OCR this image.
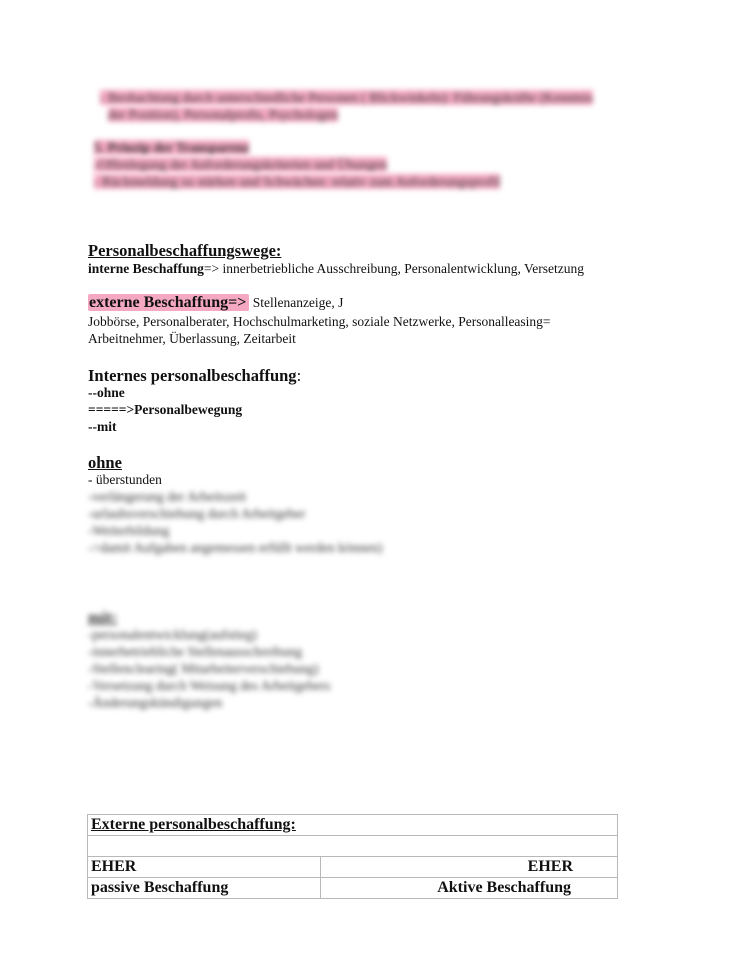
- Beobachtung durch unterschiedliche Personen ( Blickwinkeln): Führungskräfte (Kenntnis
der Position), Personalprofis, Psychologen
5. Prinzip der Transparenz
-Offenlegung der Anforderungskriterien und Übungen
- Rückmeldung zu stärken und Schwächen: relativ zum Anforderungsprofil
Personalbeschaffungswege:
interne Beschaffung=> innerbetriebliche Ausschreibung, Personalentwicklung, Versetzung
externe Beschaffung=> Stellenanzeige, J
Jobbörse, Personalberater, Hochschulmarketing, soziale Netzwerke, Personalleasing=
Arbeitnehmer, Überlassung, Zeitarbeit
Internes personalbeschaffung:
--ohne
=====>Personalbewegung
--mit
ohne
- überstunden
-verlängerung der Arbeitszeit
-urlaubsverschiebung durch Arbeitgeber
-Weiterbildung
->damit Aufgaben angemessen erfüllt werden können)
mit:
-personalentwicklung(aufstieg)
-innerbetriebliche Stellenausschreibung
-Stellenclearing( Mitarbeiterverschiebung)
-Versetzung durch Weisung des Arbeitgebers
-Änderungskündigungen
Externe personalbeschaffung:	

EHER	EHER
passive Beschaffung	Aktive Beschaffung
